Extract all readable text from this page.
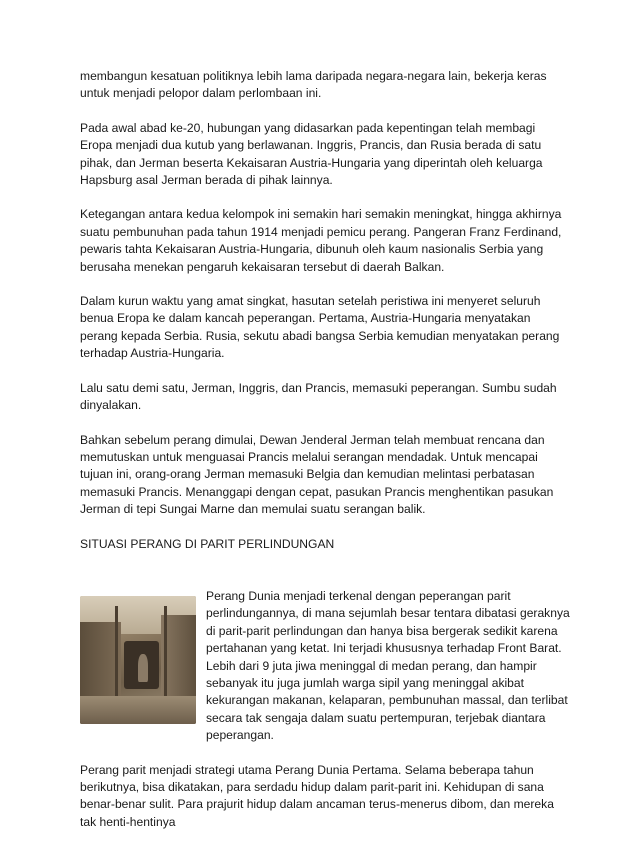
membangun kesatuan politiknya lebih lama daripada negara-negara lain, bekerja keras untuk menjadi pelopor dalam perlombaan ini.

Pada awal abad ke-20, hubungan yang didasarkan pada kepentingan telah membagi Eropa menjadi dua kutub yang berlawanan. Inggris, Prancis, dan Rusia berada di satu pihak, dan Jerman beserta Kekaisaran Austria-Hungaria yang diperintah oleh keluarga Hapsburg asal Jerman berada di pihak lainnya.

Ketegangan antara kedua kelompok ini semakin hari semakin meningkat, hingga akhirnya suatu pembunuhan pada tahun 1914 menjadi pemicu perang. Pangeran Franz Ferdinand, pewaris tahta Kekaisaran Austria-Hungaria, dibunuh oleh kaum nasionalis Serbia yang berusaha menekan pengaruh kekaisaran tersebut di daerah Balkan.

Dalam kurun waktu yang amat singkat, hasutan setelah peristiwa ini menyeret seluruh benua Eropa ke dalam kancah peperangan. Pertama, Austria-Hungaria menyatakan perang kepada Serbia. Rusia, sekutu abadi bangsa Serbia kemudian menyatakan perang terhadap Austria-Hungaria.

Lalu satu demi satu, Jerman, Inggris, dan Prancis, memasuki peperangan. Sumbu sudah dinyalakan.

Bahkan sebelum perang dimulai, Dewan Jenderal Jerman telah membuat rencana dan memutuskan untuk menguasai Prancis melalui serangan mendadak. Untuk mencapai tujuan ini, orang-orang Jerman memasuki Belgia dan kemudian melintasi perbatasan memasuki Prancis. Menanggapi dengan cepat, pasukan Prancis menghentikan pasukan Jerman di tepi Sungai Marne dan memulai suatu serangan balik.

SITUASI PERANG DI PARIT PERLINDUNGAN

Perang Dunia menjadi terkenal dengan peperangan parit perlindungannya, di mana sejumlah besar tentara dibatasi geraknya di parit-parit perlindungan dan hanya bisa bergerak sedikit karena pertahanan yang ketat. Ini terjadi khususnya terhadap Front Barat. Lebih dari 9 juta jiwa meninggal di medan perang, dan hampir sebanyak itu juga jumlah warga sipil yang meninggal akibat kekurangan makanan, kelaparan, pembunuhan massal, dan terlibat secara tak sengaja dalam suatu pertempuran, terjebak diantara peperangan.

Perang parit menjadi strategi utama Perang Dunia Pertama. Selama beberapa tahun berikutnya, bisa dikatakan, para serdadu hidup dalam parit-parit ini. Kehidupan di sana benar-benar sulit. Para prajurit hidup dalam ancaman terus-menerus dibom, dan mereka tak henti-hentinya
